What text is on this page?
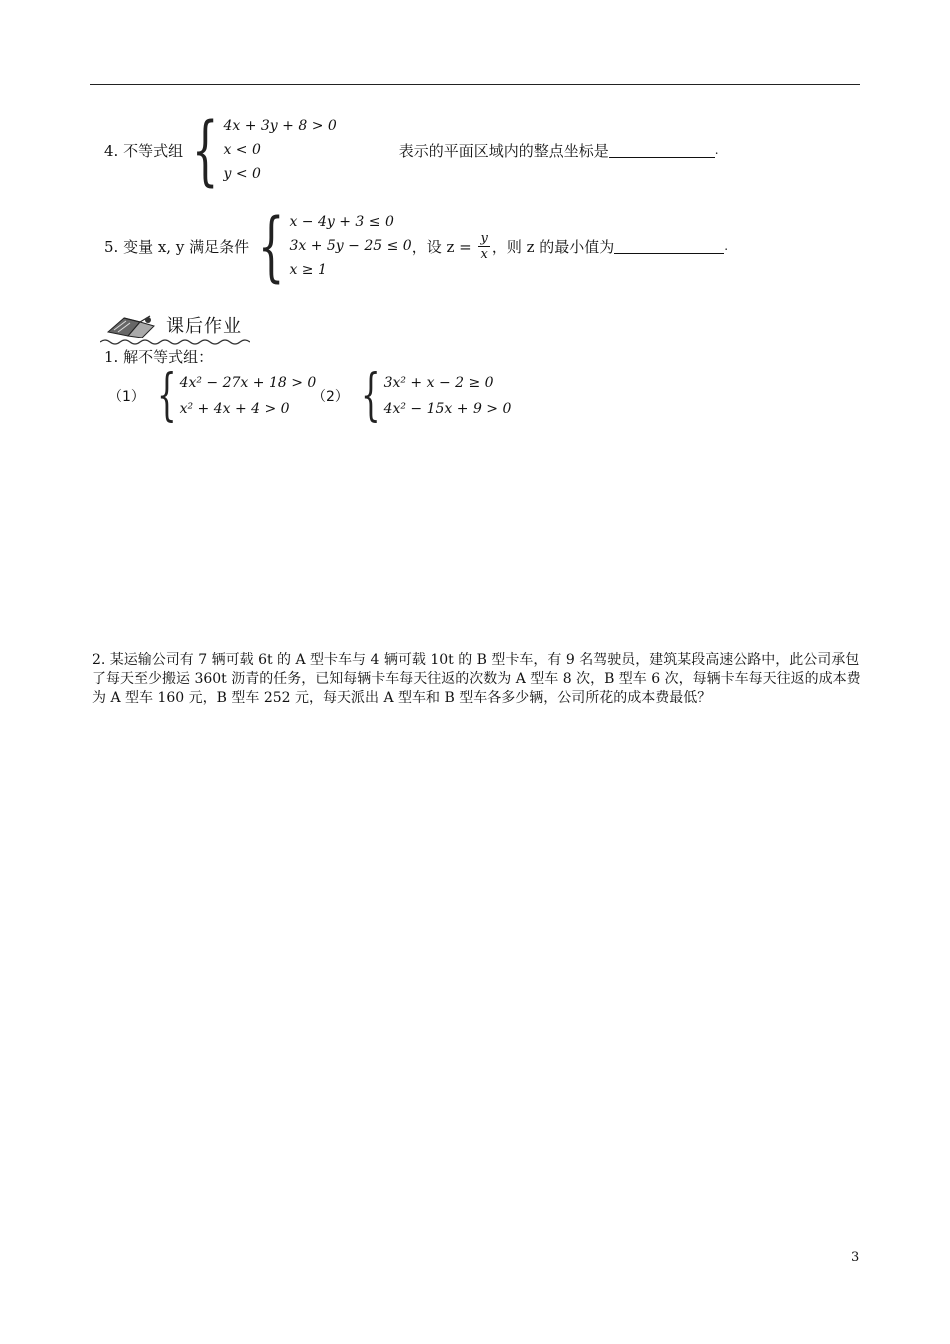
4. 不等式组 { 4x + 3y + 8 > 0
x < 0
y < 0
表示的平面区域内的整点坐标是	.
5. 变量 x, y 满足条件 { x − 4y + 3 ≤ 0
3x + 5y − 25 ≤ 0
x ≥ 1
，设 $z = \frac{y}{x}$ ，则 z 的最小值为	.
课后作业
1. 解不等式组：
（1） { 4x² − 27x + 18 > 0
x² + 4x + 4 > 0
（2） { 3x² + x − 2 ≥ 0
4x² − 15x + 9 > 0
2. 某运输公司有 7 辆可载 6t 的 A 型卡车与 4 辆可载 10t 的 B 型卡车，有 9 名驾驶员，建筑某段高速公路中，此公司承包了每天至少搬运 360t 沥青的任务，已知每辆卡车每天往返的次数为 A 型车 8 次，B 型车 6 次，每辆卡车每天往返的成本费为 A 型车 160 元，B 型车 252 元，每天派出 A 型车和 B 型车各多少辆，公司所花的成本费最低？
3
